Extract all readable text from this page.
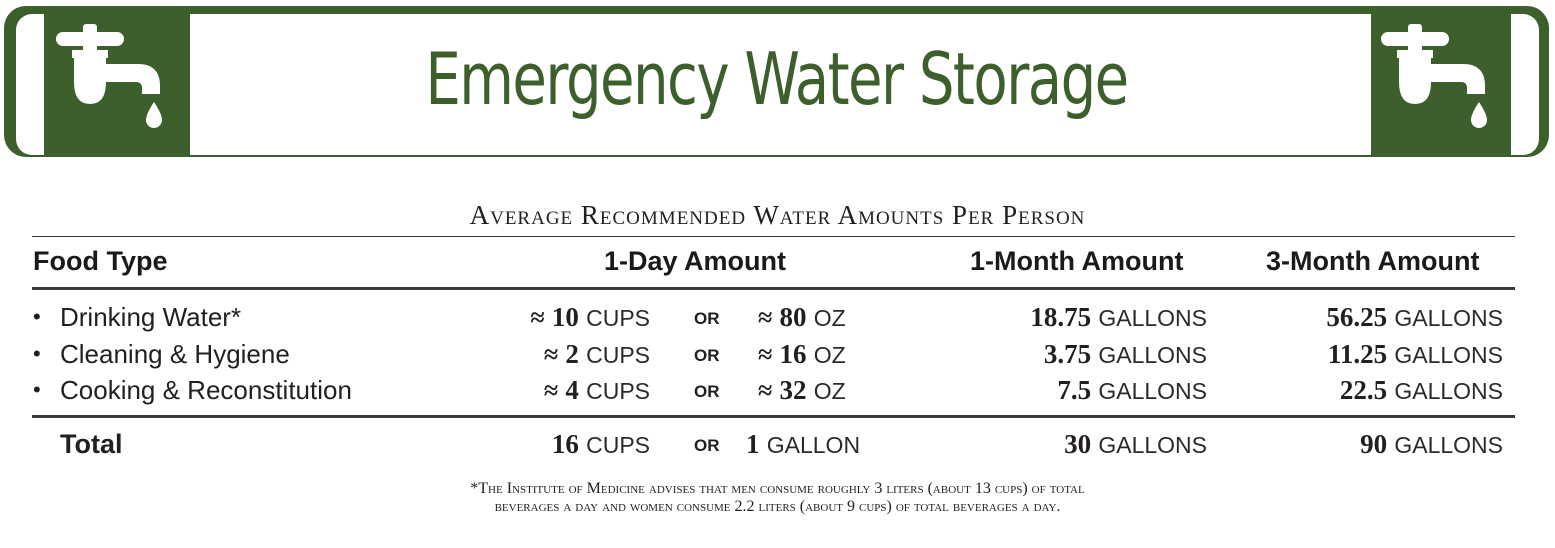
Emergency Water Storage
Average Recommended Water Amounts Per Person
Food Type	1-Day Amount	1-Month Amount	3-Month Amount
• Drinking Water*	≈ 10 CUPS	OR ≈ 80 OZ	18.75 GALLONS	56.25 GALLONS
• Cleaning & Hygiene	≈ 2 CUPS	OR ≈ 16 OZ	3.75 GALLONS	11.25 GALLONS
• Cooking & Reconstitution	≈ 4 CUPS	OR ≈ 32 OZ	7.5 GALLONS	22.5 GALLONS
Total	16 CUPS	OR 1 GALLON	30 GALLONS	90 GALLONS
*The Institute of Medicine advises that men consume roughly 3 liters (about 13 cups) of total
beverages a day and women consume 2.2 liters (about 9 cups) of total beverages a day.
